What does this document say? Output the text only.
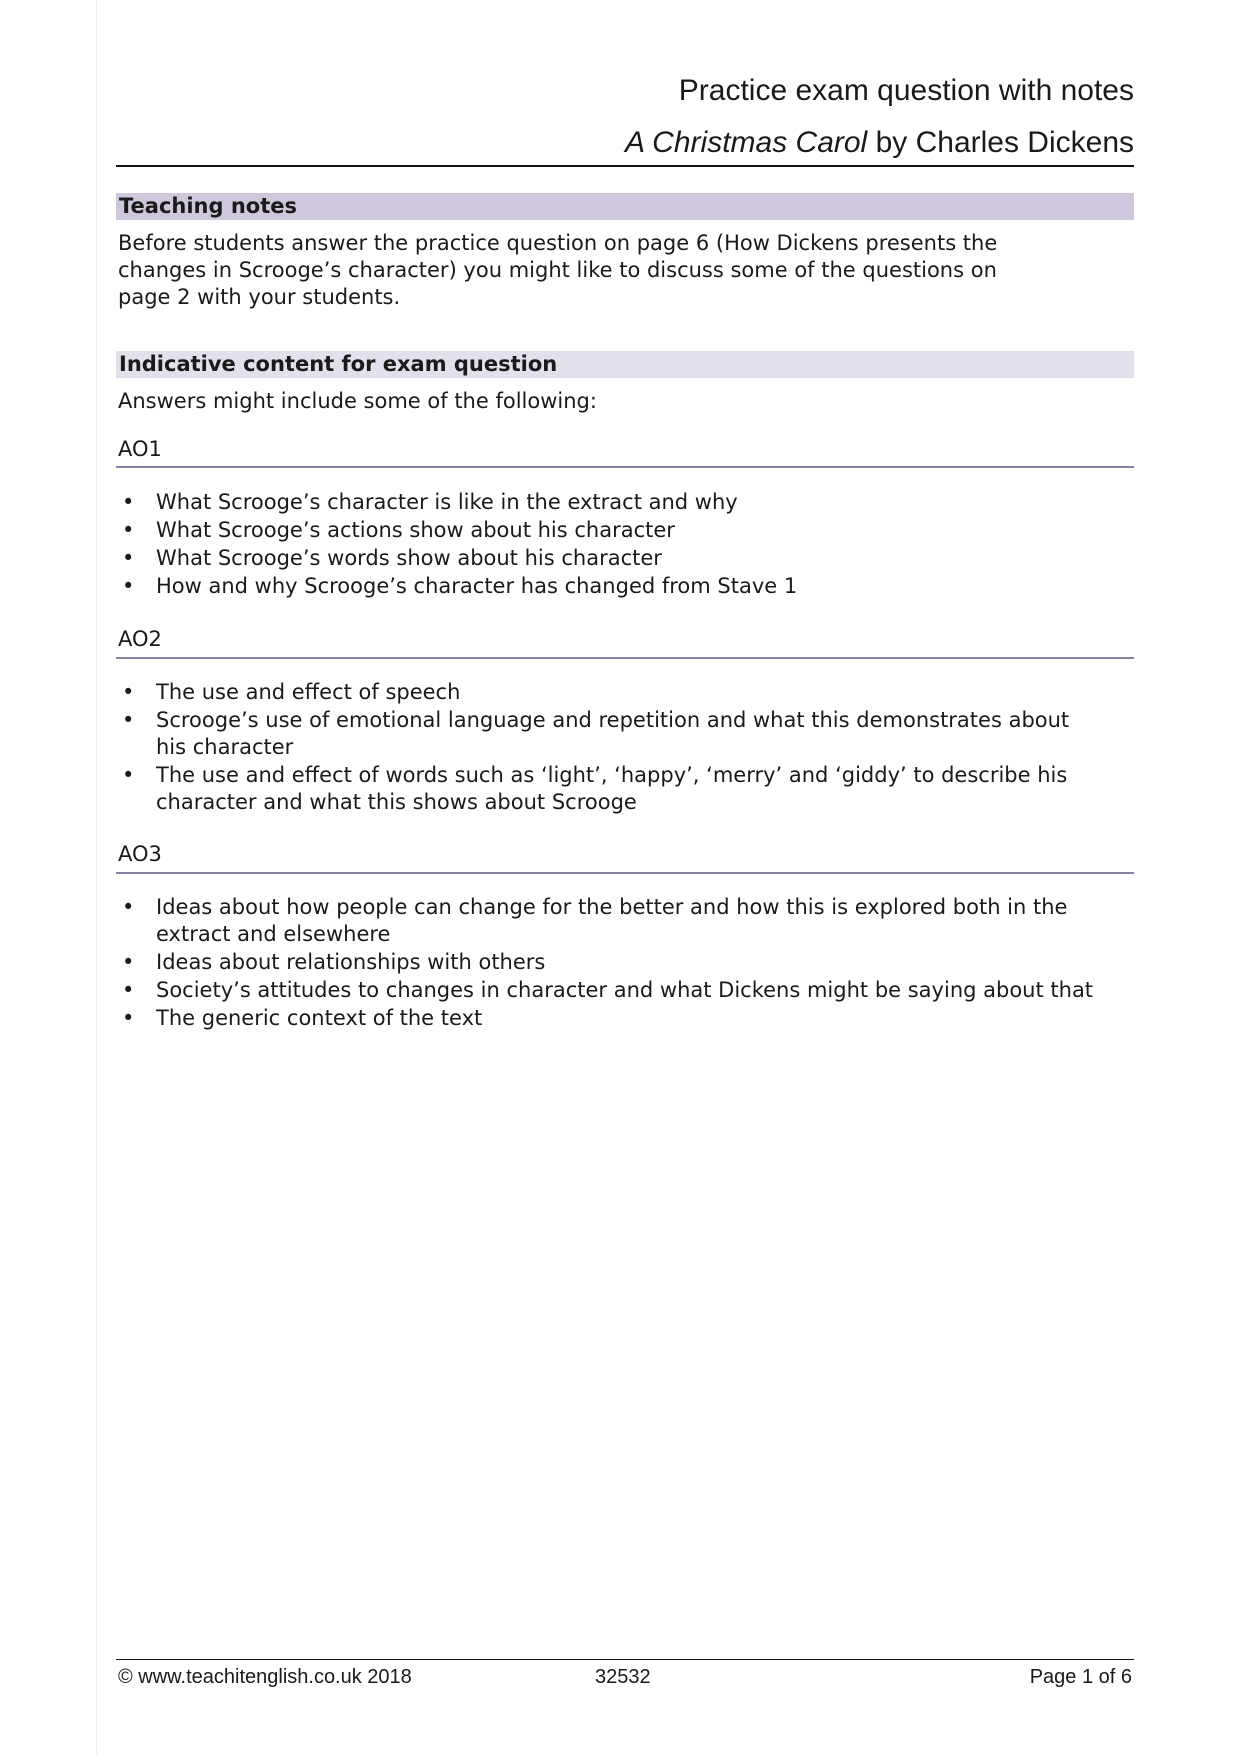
Practice exam question with notes
A Christmas Carol by Charles Dickens
Teaching notes
Before students answer the practice question on page 6 (How Dickens presents the changes in Scrooge’s character) you might like to discuss some of the questions on page 2 with your students.
Indicative content for exam question
Answers might include some of the following:
AO1
• What Scrooge’s character is like in the extract and why
• What Scrooge’s actions show about his character
• What Scrooge’s words show about his character
• How and why Scrooge’s character has changed from Stave 1
AO2
• The use and effect of speech
• Scrooge’s use of emotional language and repetition and what this demonstrates about his character
• The use and effect of words such as ‘light’, ‘happy’, ‘merry’ and ‘giddy’ to describe his character and what this shows about Scrooge
AO3
• Ideas about how people can change for the better and how this is explored both in the extract and elsewhere
• Ideas about relationships with others
• Society’s attitudes to changes in character and what Dickens might be saying about that
• The generic context of the text
© www.teachitenglish.co.uk 2018	32532	Page 1 of 6
